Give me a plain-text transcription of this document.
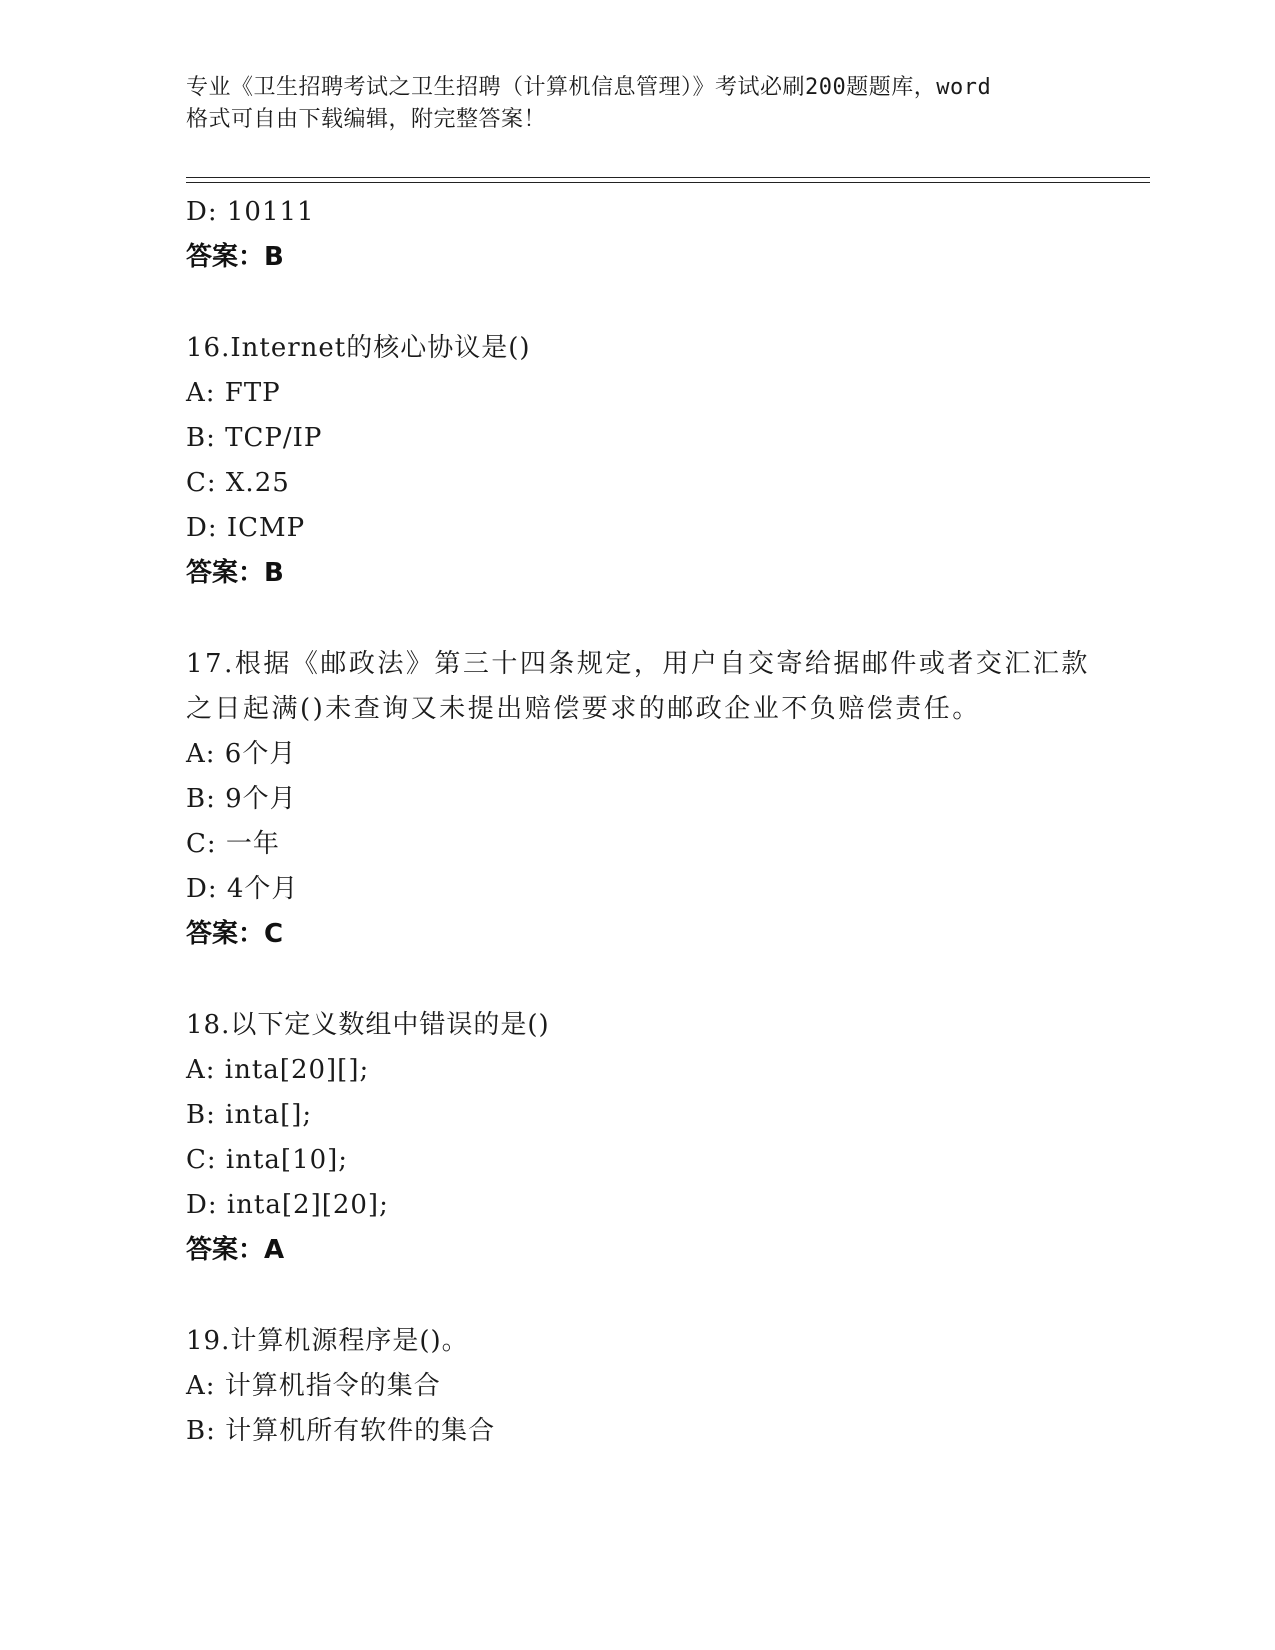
专业《卫生招聘考试之卫生招聘（计算机信息管理）》考试必刷200题题库，word
格式可自由下载编辑，附完整答案！
D: 10111
答案：B
16.Internet的核心协议是()
A: FTP
B: TCP/IP
C: X.25
D: ICMP
答案：B
17.根据《邮政法》第三十四条规定，用户自交寄给据邮件或者交汇汇款之日起满()未查询又未提出赔偿要求的邮政企业不负赔偿责任。
A: 6个月
B: 9个月
C: 一年
D: 4个月
答案：C
18.以下定义数组中错误的是()
A: inta[20][];
B: inta[];
C: inta[10];
D: inta[2][20];
答案：A
19.计算机源程序是()。
A: 计算机指令的集合
B: 计算机所有软件的集合
